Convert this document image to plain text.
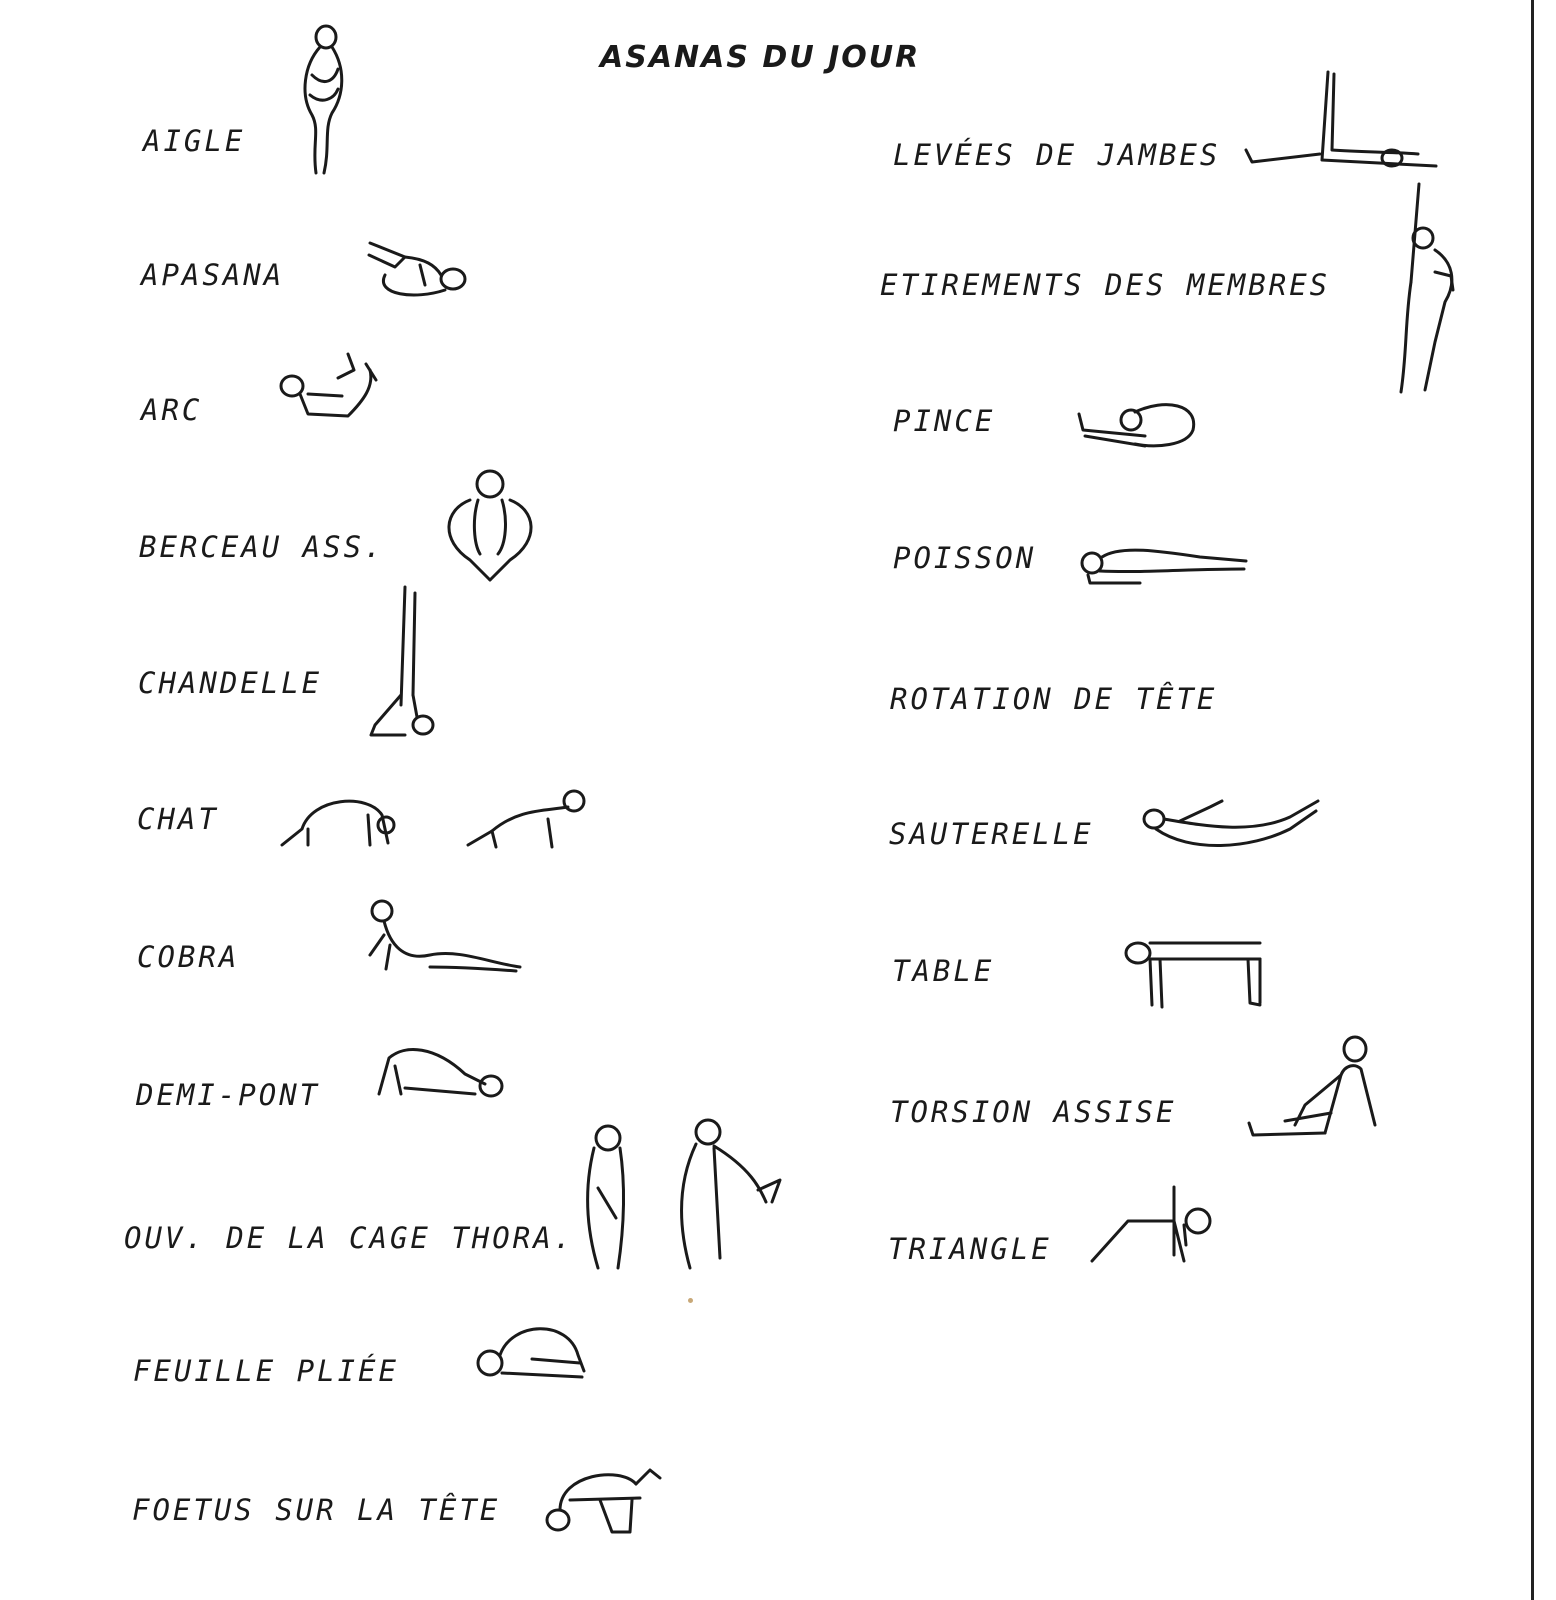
ASANAS DU JOUR
AIGLE
APASANA
ARC
BERCEAU ASS.
CHANDELLE
CHAT
COBRA
DEMI-PONT
OUV. DE LA CAGE THORA.
FEUILLE PLIÉE
FOETUS SUR LA TÊTE
LEVÉES DE JAMBES
ETIREMENTS DES MEMBRES
PINCE
POISSON
ROTATION DE TÊTE
SAUTERELLE
TABLE
TORSION ASSISE
TRIANGLE
